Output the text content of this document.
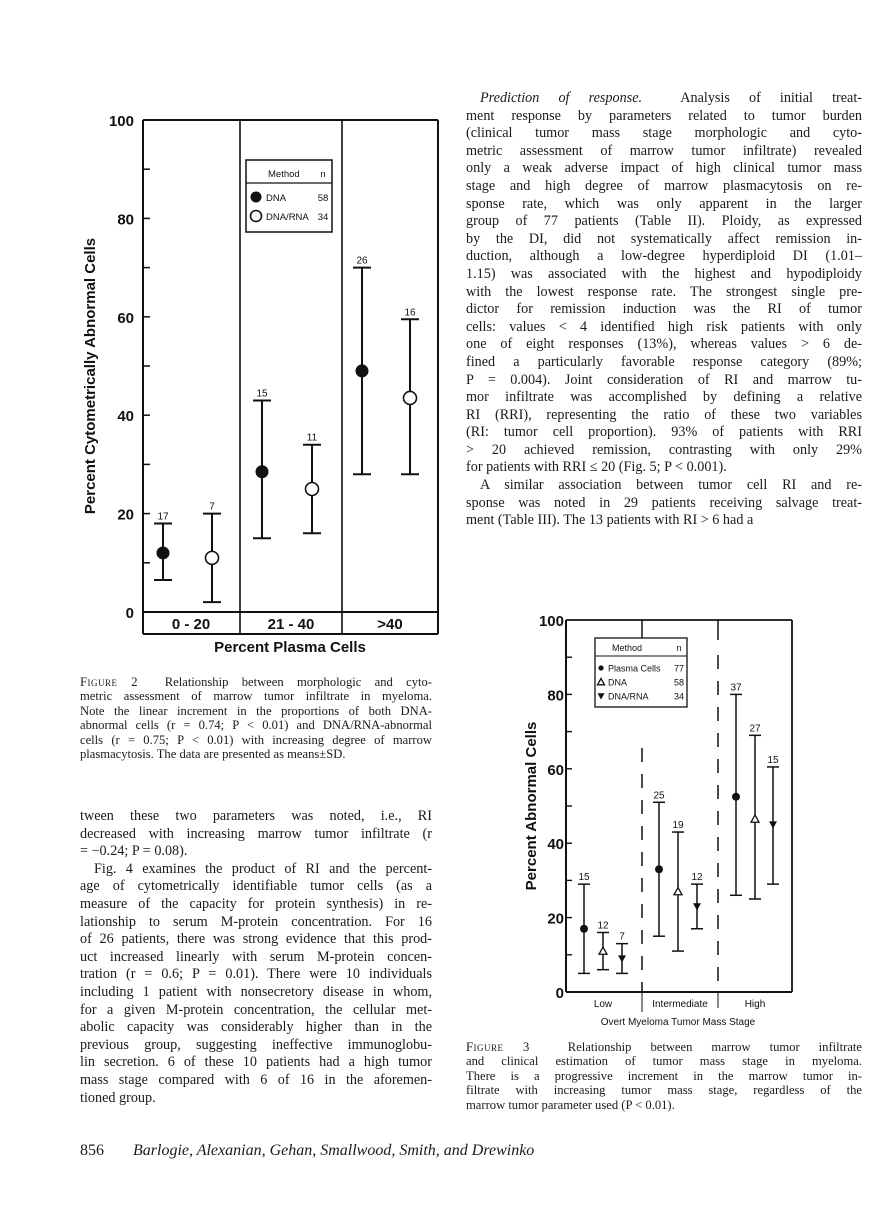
0
20
40
60
80
100
0 - 20	21 - 40	>40
Percent Plasma Cells
Percent Cytometrically Abnormal Cells
17
15
26
7
11
16
Method n
DNA	58
DNA/RNA 34
0
20
40
60
80
100
Low	Intermediate	High
Overt Myeloma Tumor Mass Stage
Percent Abnormal Cells	15
25
37
12
19
27
7
12
15
Method	n
Plasma Cells 77
DNA	58
DNA/RNA	34
Figure 2 Relationship between morphologic and cyto-
metric assessment of marrow tumor infiltrate in myeloma.
Note the linear increment in the proportions of both DNA-
abnormal cells (r = 0.74; P < 0.01) and DNA/RNA-abnormal
cells (r = 0.75; P < 0.01) with increasing degree of marrow
plasmacytosis. The data are presented as means±SD.
tween these two parameters was noted, i.e., RI
decreased with increasing marrow tumor infiltrate (r
= −0.24; P = 0.08).
Fig. 4 examines the product of RI and the percent-
age of cytometrically identifiable tumor cells (as a
measure of the capacity for protein synthesis) in re-
lationship to serum M-protein concentration. For 16
of 26 patients, there was strong evidence that this prod-
uct increased linearly with serum M-protein concen-
tration (r = 0.6; P = 0.01). There were 10 individuals
including 1 patient with nonsecretory disease in whom,
for a given M-protein concentration, the cellular met-
abolic capacity was considerably higher than in the
previous group, suggesting ineffective immunoglobu-
lin secretion. 6 of these 10 patients had a high tumor
mass stage compared with 6 of 16 in the aforemen-
tioned group.
Prediction of response.	Analysis of initial treat-
ment response by parameters related to tumor burden
(clinical tumor mass stage morphologic and cyto-
metric assessment of marrow tumor infiltrate) revealed
only a weak adverse impact of high clinical tumor mass
stage and high degree of marrow plasmacytosis on re-
sponse rate, which was only apparent in the larger
group of 77 patients (Table II). Ploidy, as expressed
by the DI, did not systematically affect remission in-
duction, although a low-degree hyperdiploid DI (1.01–
1.15) was associated with the highest and hypodiploidy
with the lowest response rate. The strongest single pre-
dictor for remission induction was the RI of tumor
cells: values < 4 identified high risk patients with only
one of eight responses (13%), whereas values > 6 de-
fined a particularly favorable response category (89%;
P = 0.004). Joint consideration of RI and marrow tu-
mor infiltrate was accomplished by defining a relative
RI (RRI), representing the ratio of these two variables
(RI: tumor cell proportion). 93% of patients with RRI
> 20 achieved remission, contrasting with only 29%
for patients with RRI ≤ 20 (Fig. 5; P < 0.001).
A similar association between tumor cell RI and re-
sponse was noted in 29 patients receiving salvage treat-
ment (Table III). The 13 patients with RI > 6 had a
Figure 3	Relationship between marrow tumor infiltrate
and clinical estimation of tumor mass stage in myeloma.
There is a progressive increment in the marrow tumor in-
filtrate with increasing tumor mass stage, regardless of the
marrow tumor parameter used (P < 0.01).
856 Barlogie, Alexanian, Gehan, Smallwood, Smith, and Drewinko
